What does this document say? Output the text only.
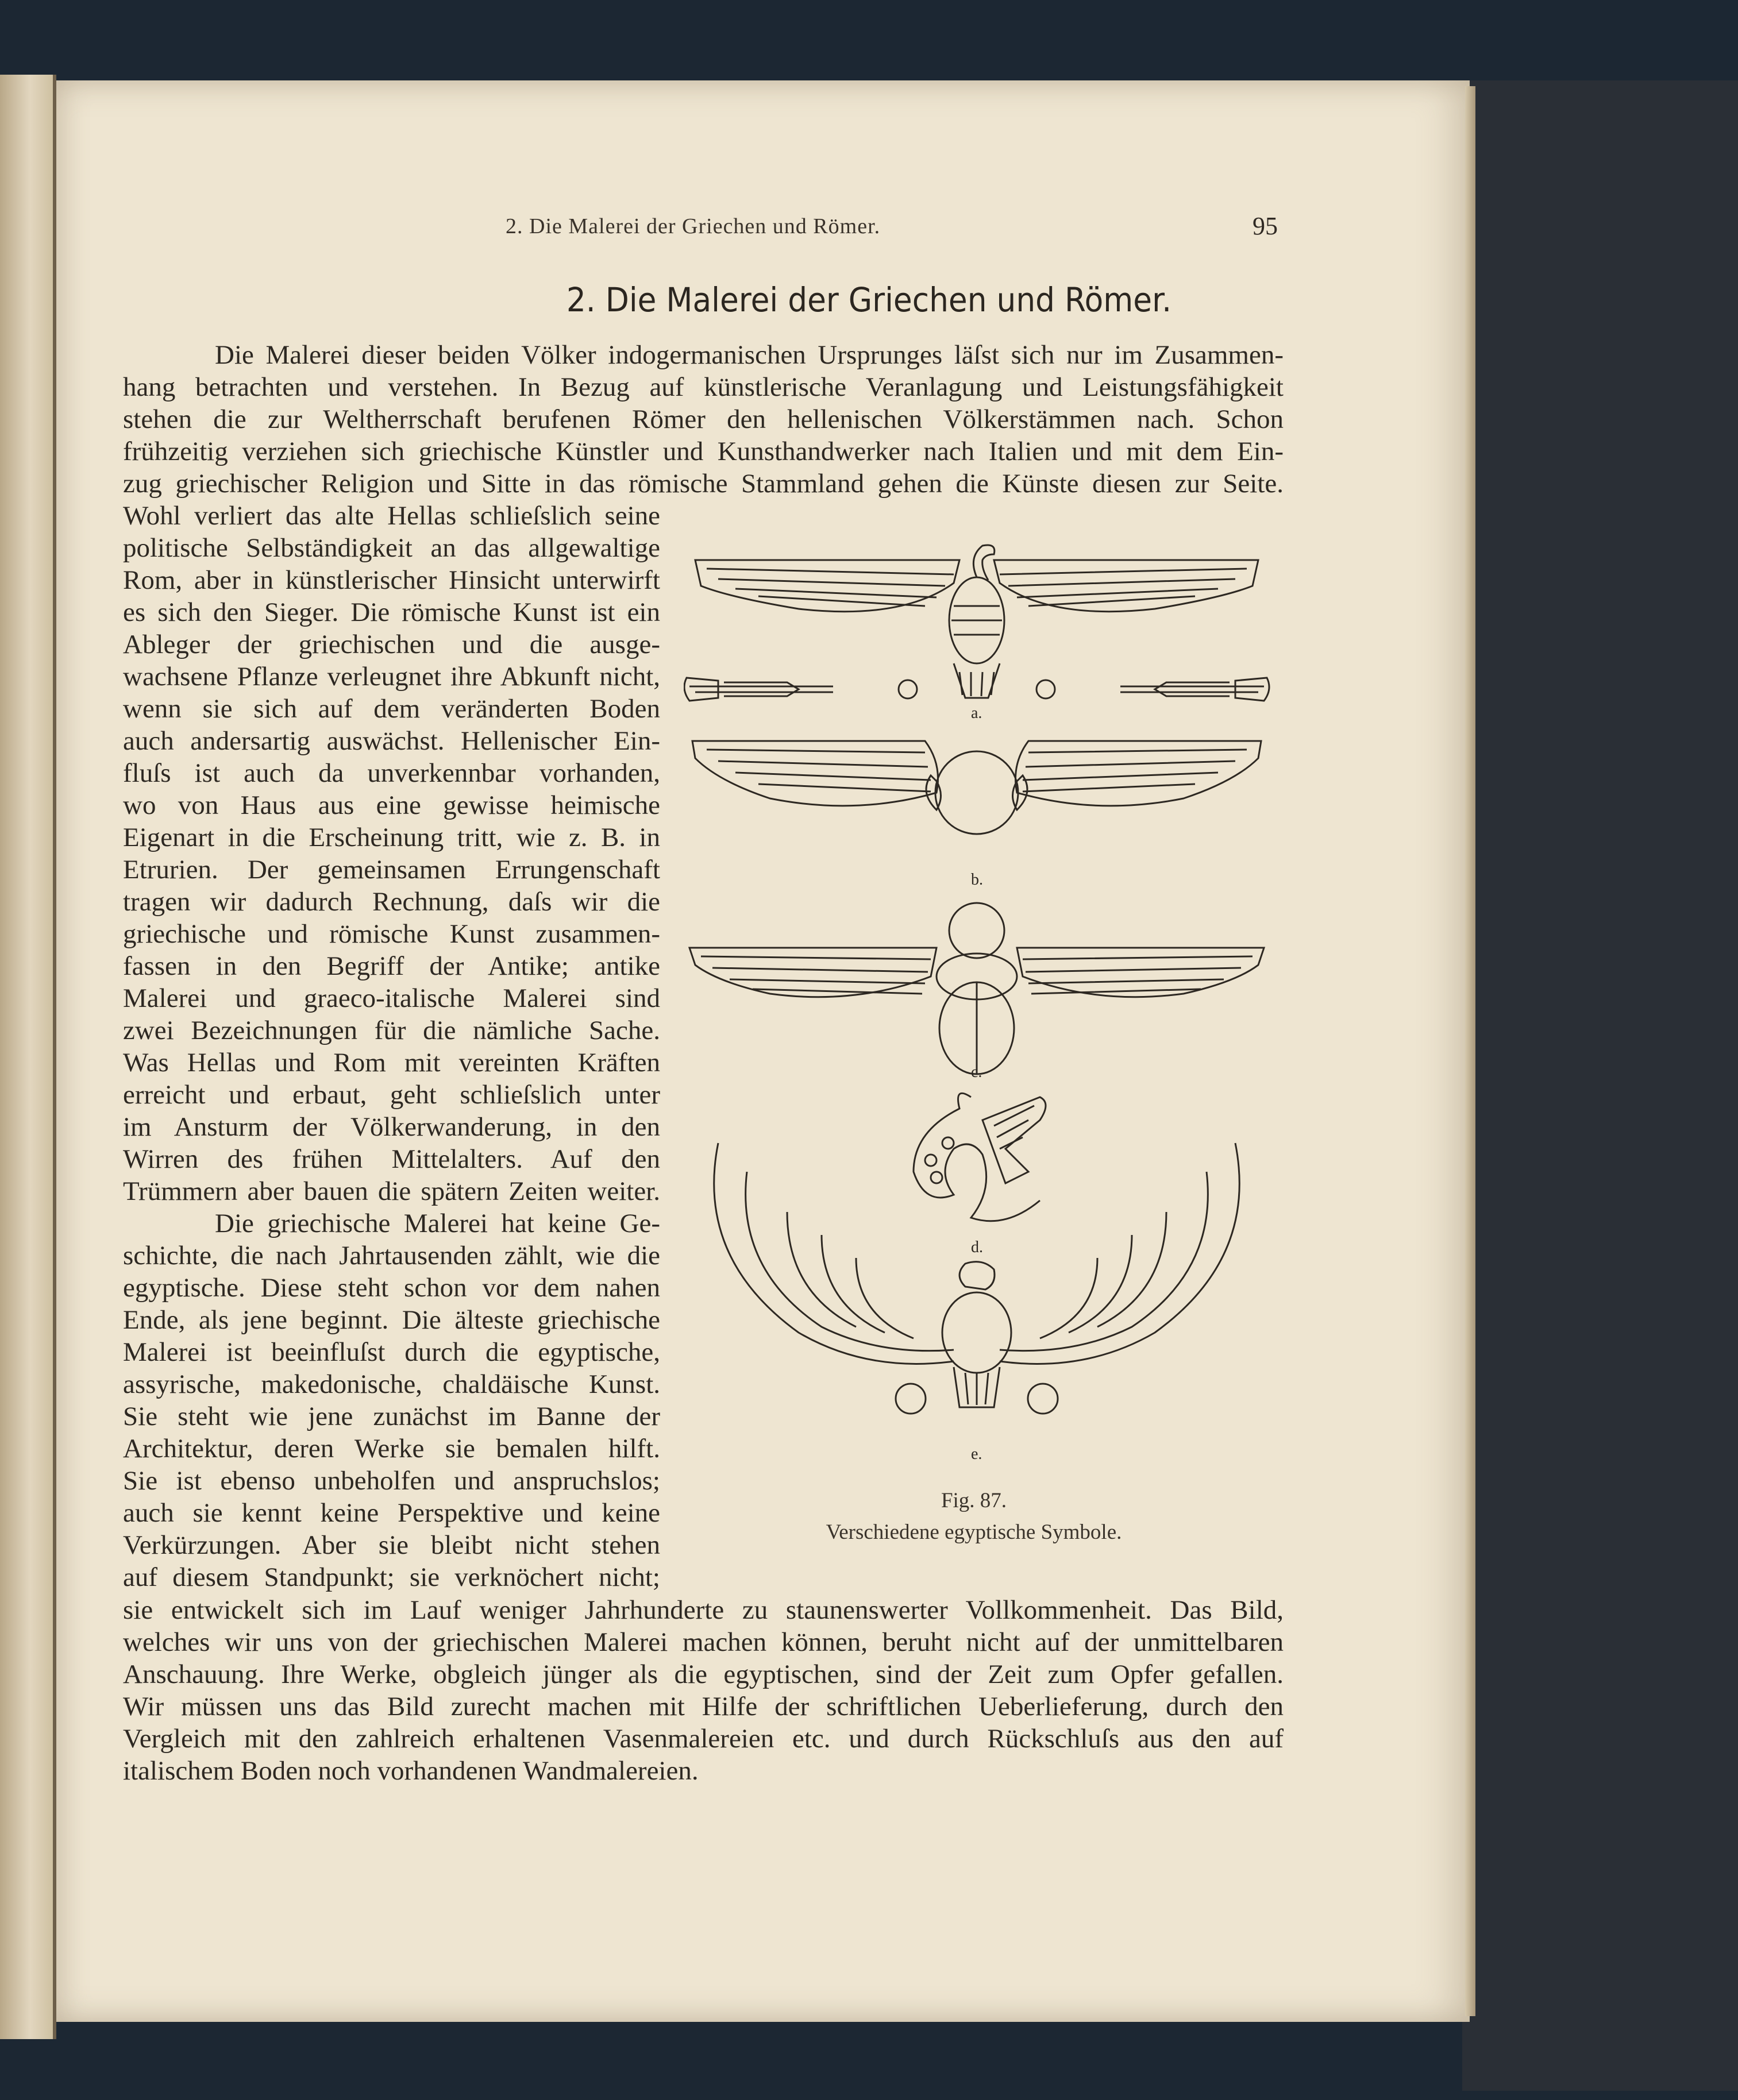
2. Die Malerei der Griechen und Römer.	95
2. Die Malerei der Griechen und Römer.
Die Malerei dieser beiden Völker indogermanischen Ursprunges läſst sich nur im Zusammen-
hang betrachten und verstehen. In Bezug auf künstlerische Veranlagung und Leistungsfähigkeit
stehen die zur Weltherrschaft berufenen Römer den hellenischen Völkerstämmen nach. Schon
frühzeitig verziehen sich griechische Künstler und Kunsthandwerker nach Italien und mit dem Ein-
zug griechischer Religion und Sitte in das römische Stammland gehen die Künste diesen zur Seite.
Wohl verliert das alte Hellas schlieſslich seine
politische Selbständigkeit an das allgewaltige
Rom, aber in künstlerischer Hinsicht unterwirft
es sich den Sieger. Die römische Kunst ist ein
Ableger der griechischen und die ausge-
wachsene Pflanze verleugnet ihre Abkunft nicht,
wenn sie sich auf dem veränderten Boden
auch andersartig auswächst. Hellenischer Ein-
fluſs ist auch da unverkennbar vorhanden,
wo von Haus aus eine gewisse heimische
Eigenart in die Erscheinung tritt, wie z. B. in
Etrurien. Der gemeinsamen Errungenschaft
tragen wir dadurch Rechnung, daſs wir die
griechische und römische Kunst zusammen-
fassen in den Begriff der Antike; antike
Malerei und graeco-italische Malerei sind
zwei Bezeichnungen für die nämliche Sache.
Was Hellas und Rom mit vereinten Kräften
erreicht und erbaut, geht schlieſslich unter
im Ansturm der Völkerwanderung, in den
Wirren des frühen Mittelalters. Auf den
Trümmern aber bauen die spätern Zeiten weiter.
Die griechische Malerei hat keine Ge-
schichte, die nach Jahrtausenden zählt, wie die
egyptische. Diese steht schon vor dem nahen
Ende, als jene beginnt. Die älteste griechische
Malerei ist beeinfluſst durch die egyptische,
assyrische, makedonische, chaldäische Kunst.
Sie steht wie jene zunächst im Banne der
Architektur, deren Werke sie bemalen hilft.
Sie ist ebenso unbeholfen und anspruchslos;
auch sie kennt keine Perspektive und keine
Verkürzungen. Aber sie bleibt nicht stehen
auf diesem Standpunkt; sie verknöchert nicht;
sie entwickelt sich im Lauf weniger Jahrhunderte zu staunenswerter Vollkommenheit. Das Bild,
welches wir uns von der griechischen Malerei machen können, beruht nicht auf der unmittelbaren
Anschauung. Ihre Werke, obgleich jünger als die egyptischen, sind der Zeit zum Opfer gefallen.
Wir müssen uns das Bild zurecht machen mit Hilfe der schriftlichen Ueberlieferung, durch den
Vergleich mit den zahlreich erhaltenen Vasenmalereien etc. und durch Rückschluſs aus den auf
italischem Boden noch vorhandenen Wandmalereien.
a.
b.
c.
d.
e.
Fig. 87.
Verschiedene egyptische Symbole.
